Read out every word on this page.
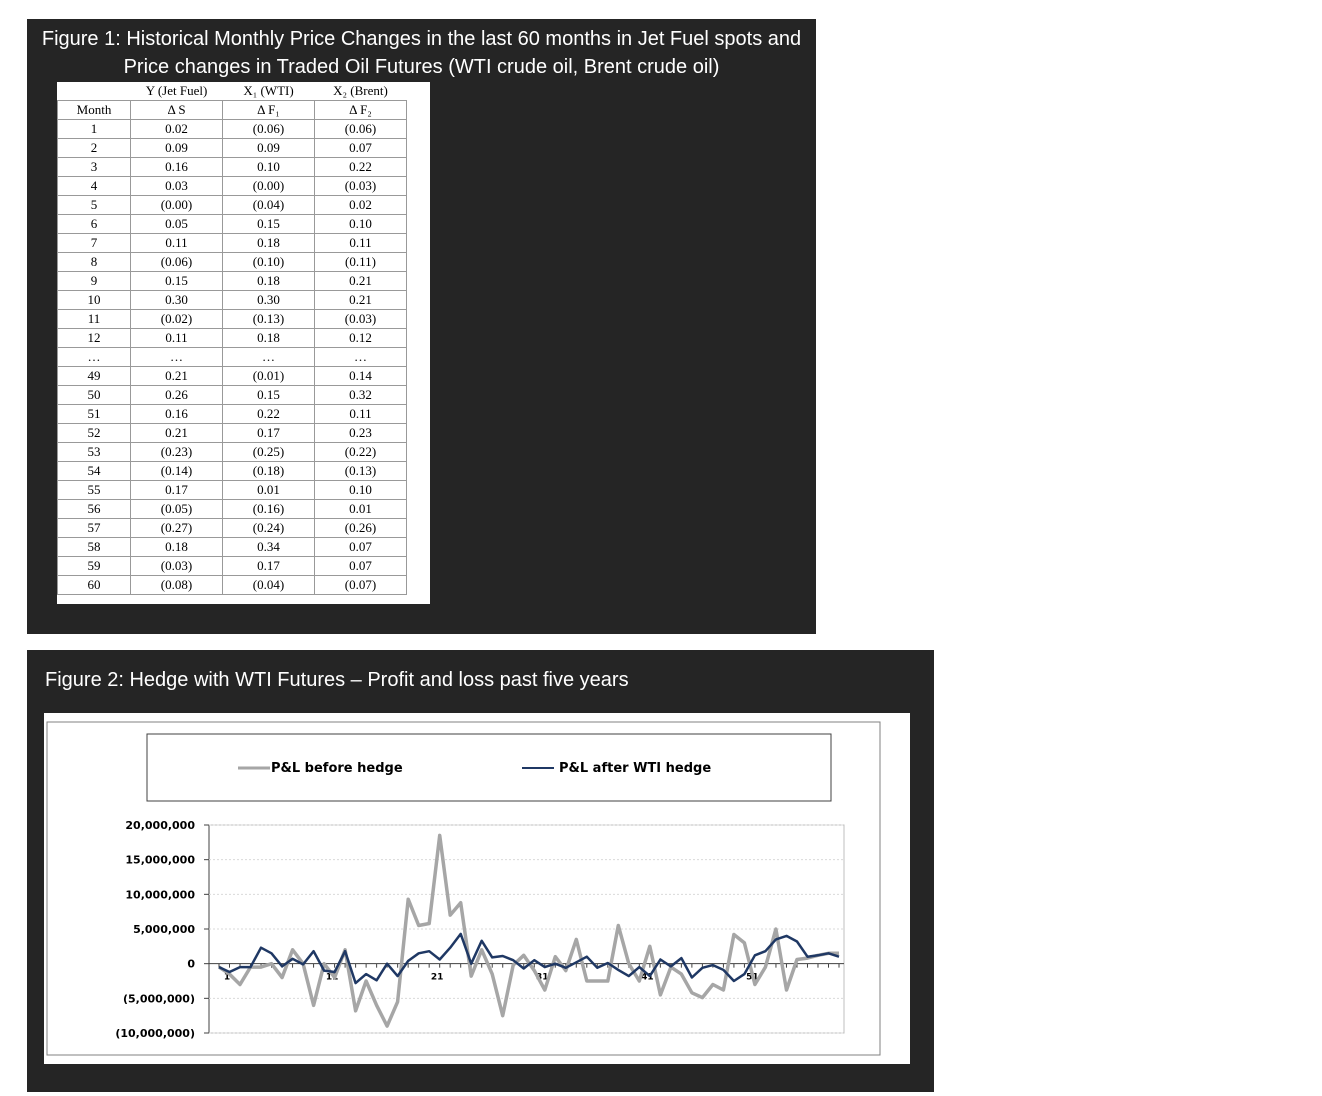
Figure 1: Historical Monthly Price Changes in the last 60 months in Jet Fuel spots and
Price changes in Traded Oil Futures (WTI crude oil, Brent crude oil)
	Y (Jet Fuel)	X₁ (WTI)	X₂ (Brent)
Month	Δ S	Δ F₁	Δ F₂
1	0.02	(0.06)	(0.06)
2	0.09	0.09	0.07
3	0.16	0.10	0.22
4	0.03	(0.00)	(0.03)
5	(0.00)	(0.04)	0.02
6	0.05	0.15	0.10
7	0.11	0.18	0.11
8	(0.06)	(0.10)	(0.11)
9	0.15	0.18	0.21
10	0.30	0.30	0.21
11	(0.02)	(0.13)	(0.03)
12	0.11	0.18	0.12
…	…	…	…
49	0.21	(0.01)	0.14
50	0.26	0.15	0.32
51	0.16	0.22	0.11
52	0.21	0.17	0.23
53	(0.23)	(0.25)	(0.22)
54	(0.14)	(0.18)	(0.13)
55	0.17	0.01	0.10
56	(0.05)	(0.16)	0.01
57	(0.27)	(0.24)	(0.26)
58	0.18	0.34	0.07
59	(0.03)	0.17	0.07
60	(0.08)	(0.04)	(0.07)
Figure 2: Hedge with WTI Futures – Profit and loss past five years
P&L before hedge	P&L after WTI hedge
20,000,000
15,000,000
10,000,000
5,000,000
0
(5,000,000)
(10,000,000)
1	11	21	31	41	51
